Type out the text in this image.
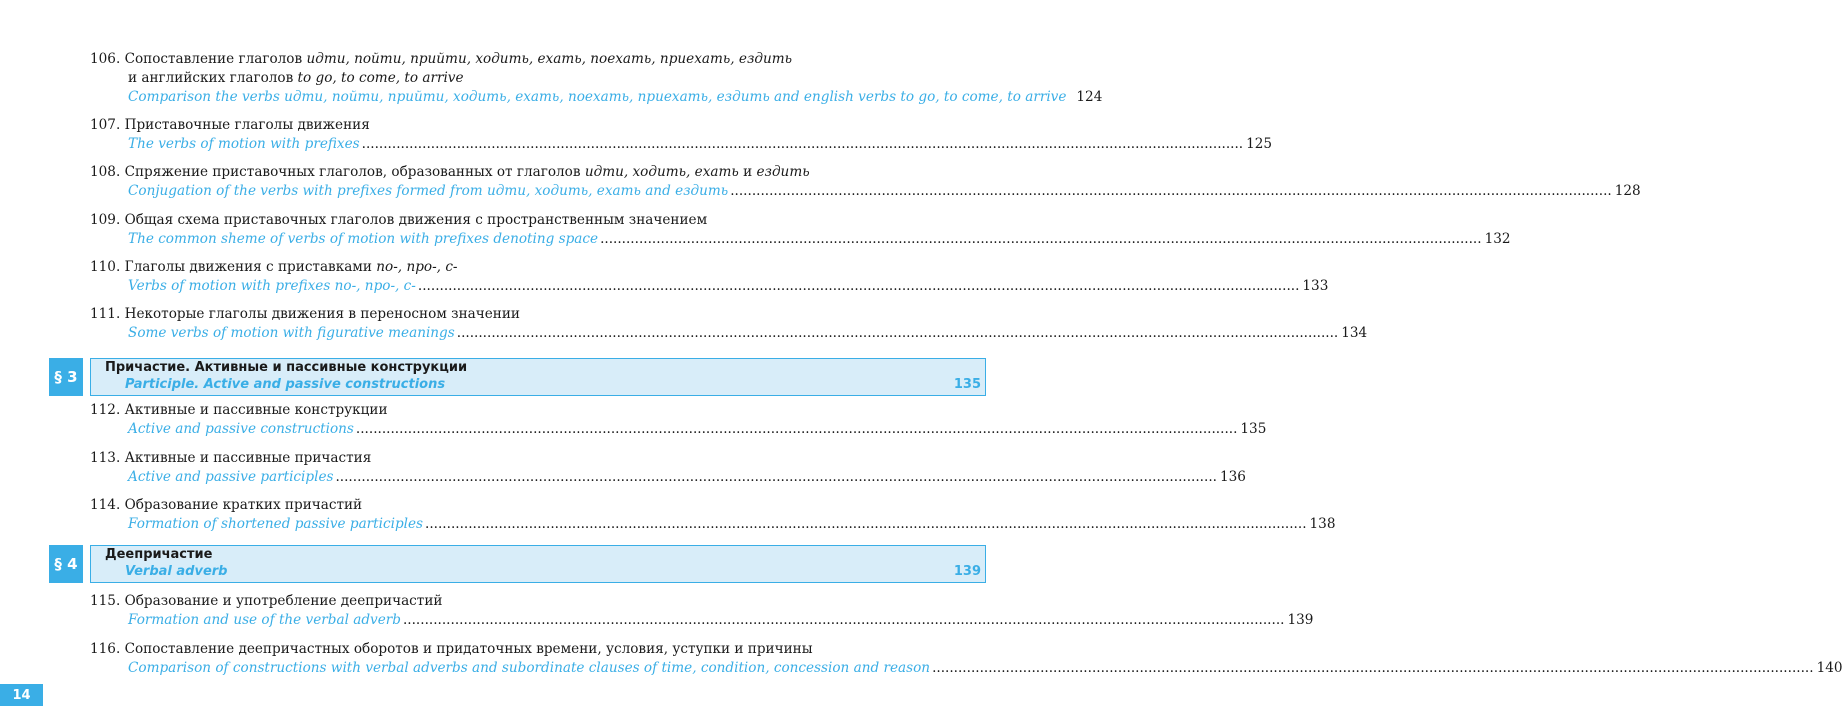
106. Сопоставление глаголов идти, пойти, прийти, ходить, ехать, поехать, приехать, ездить
и английских глаголов to go, to come, to arrive
Comparison the verbs идти, пойти, прийти, ходить, ехать, поехать, приехать, ездить and english verbs to go, to come, to arrive 124
107. Приставочные глаголы движения
The verbs of motion with prefixes ............................................................................................................................................................................................................ 125
108. Спряжение приставочных глаголов, образованных от глаголов идти, ходить, ехать и ездить
Conjugation of the verbs with prefixes formed from идти, ходить, ехать and ездить ............................................................................................................................................................................................................ 128
109. Общая схема приставочных глаголов движения с пространственным значением
The common sheme of verbs of motion with prefixes denoting space ............................................................................................................................................................................................................ 132
110. Глаголы движения с приставками по-, про-, с-
Verbs of motion with prefixes по-, про-, с- ............................................................................................................................................................................................................ 133
111. Некоторые глаголы движения в переносном значении
Some verbs of motion with figurative meanings ............................................................................................................................................................................................................ 134
§ 3
Причастие. Активные и пассивные конструкции
Participle. Active and passive constructions	135
112. Активные и пассивные конструкции
Active and passive constructions ............................................................................................................................................................................................................ 135
113. Активные и пассивные причастия
Active and passive participles ............................................................................................................................................................................................................ 136
114. Образование кратких причастий
Formation of shortened passive participles ............................................................................................................................................................................................................ 138
§ 4
Деепричастие
Verbal adverb	139
115. Образование и употребление деепричастий
Formation and use of the verbal adverb ............................................................................................................................................................................................................ 139
116. Сопоставление деепричастных оборотов и придаточных времени, условия, уступки и причины
Comparison of constructions with verbal adverbs and subordinate clauses of time, condition, concession and reason ............................................................................................................................................................................................................ 140
14
